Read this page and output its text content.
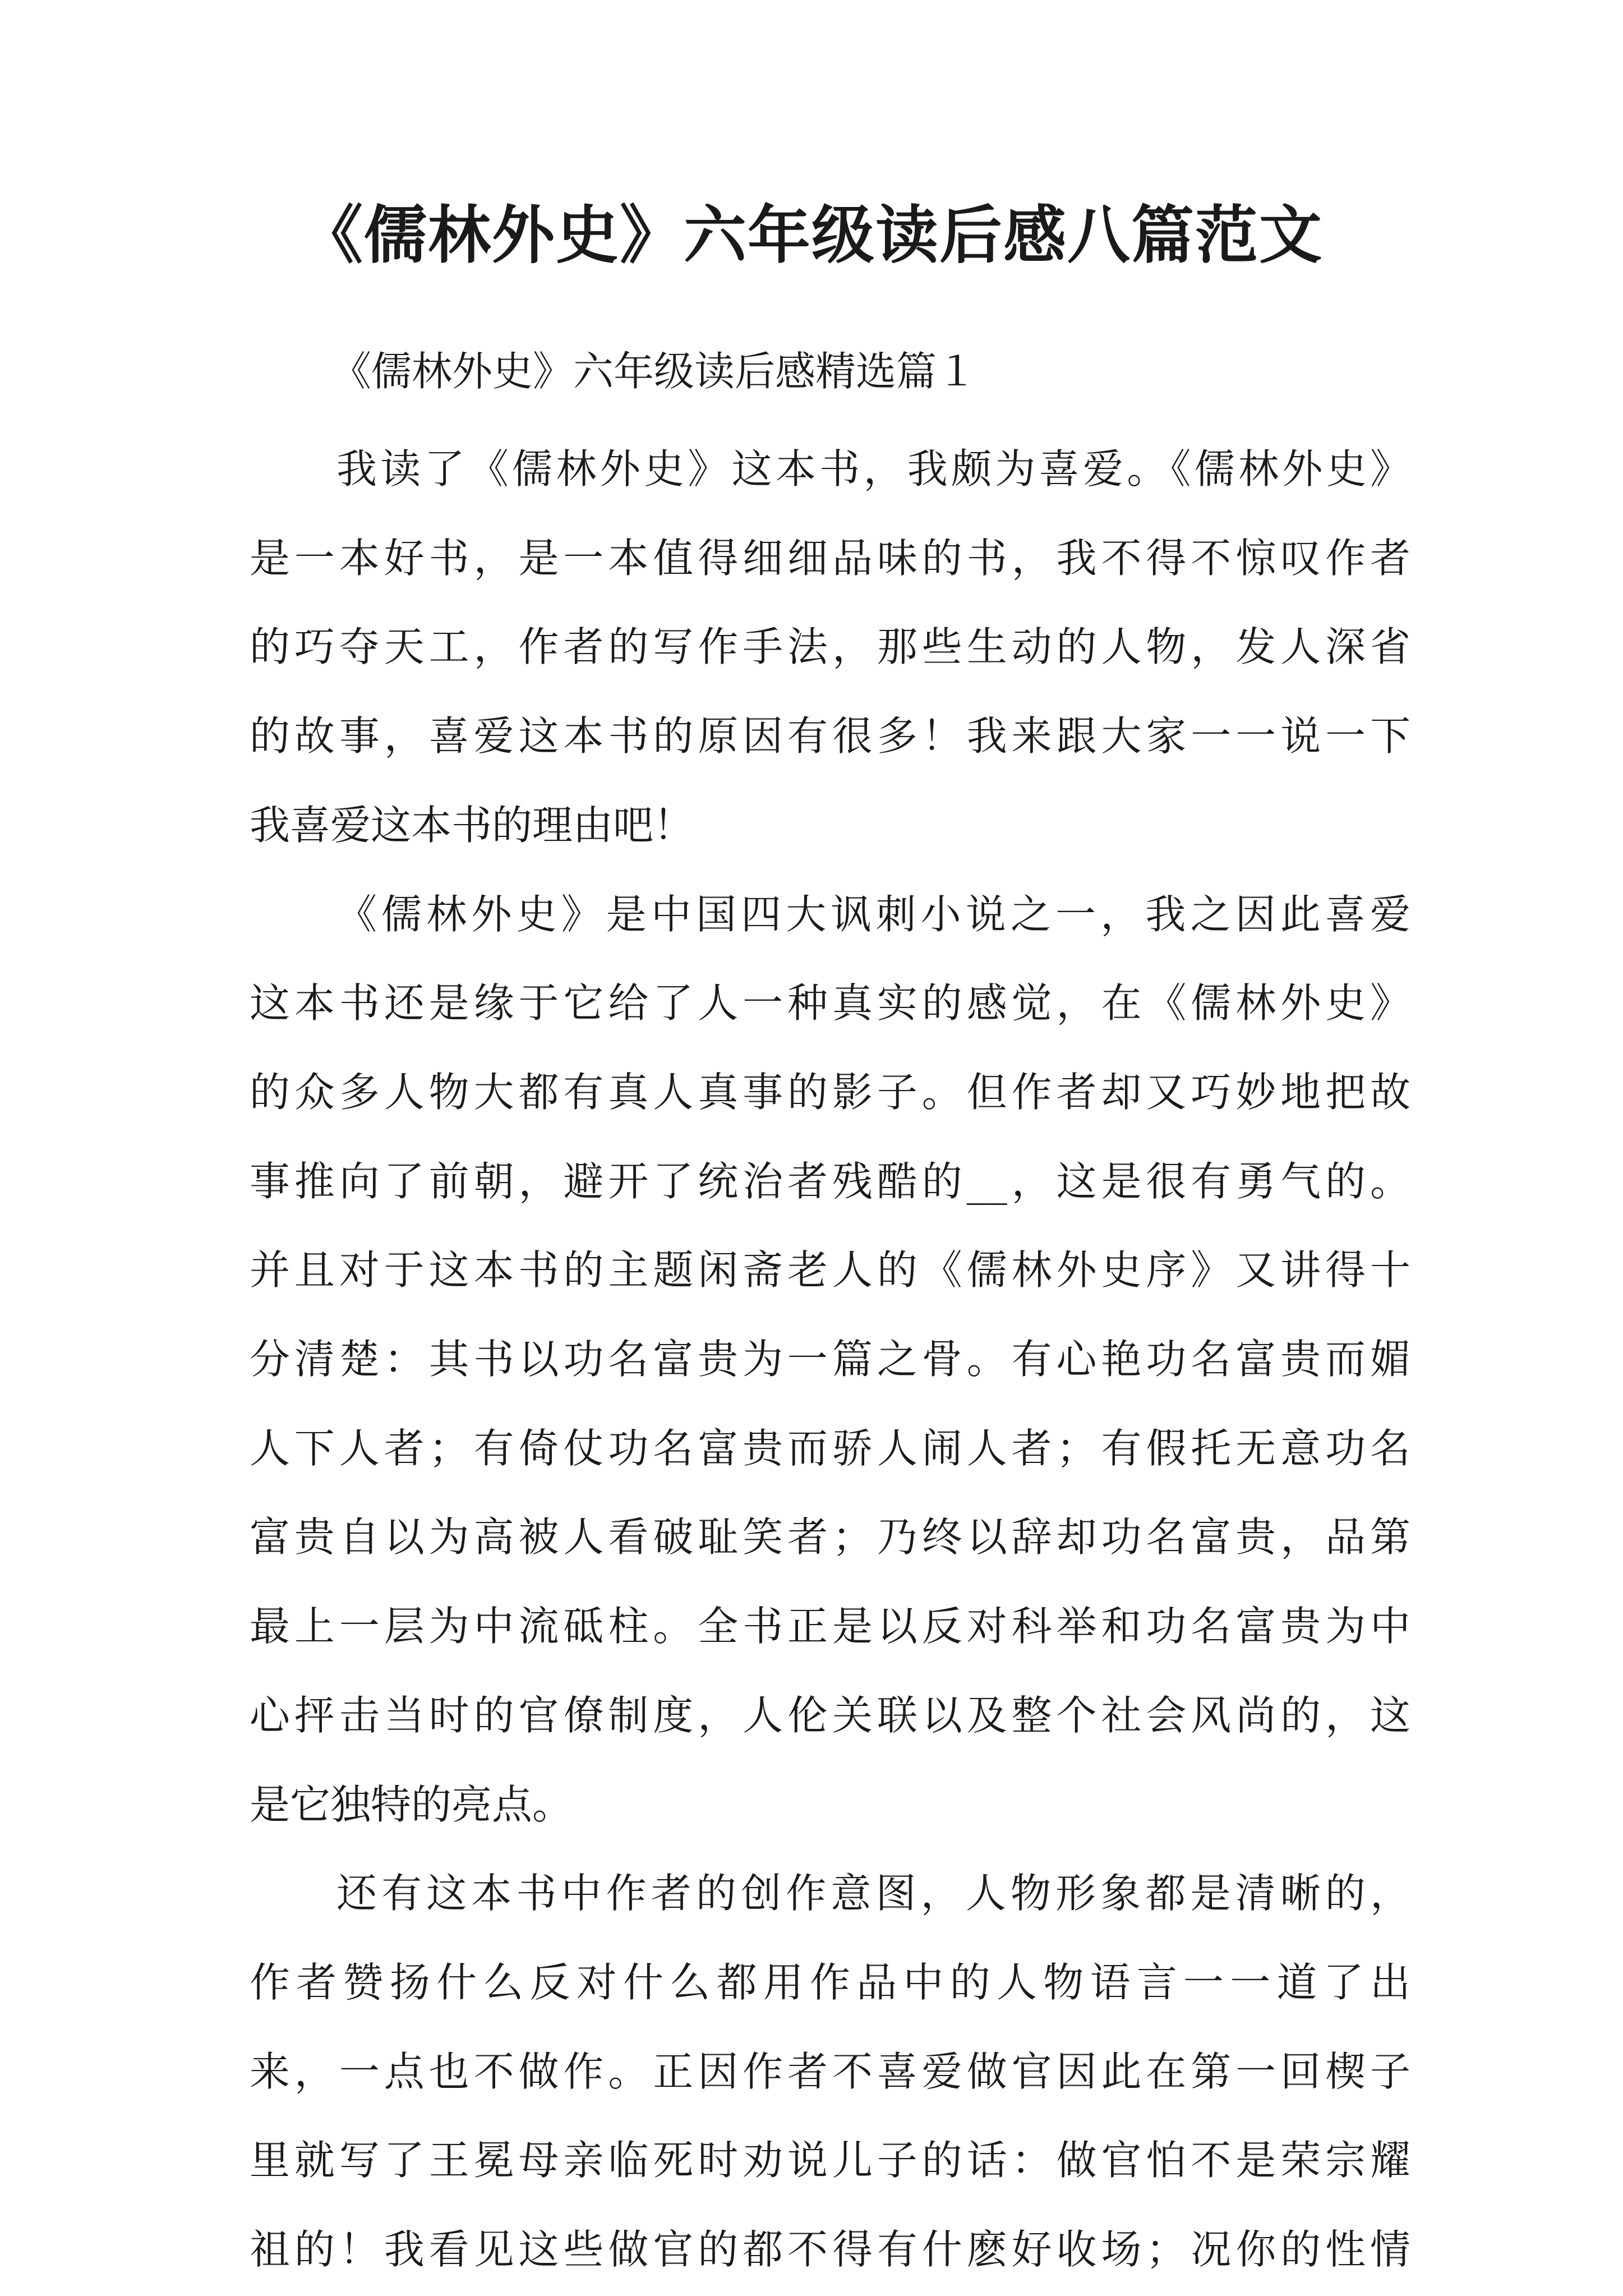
《儒林外史》六年级读后感八篇范文

《儒林外史》六年级读后感精选篇１

我读了《儒林外史》这本书，我颇为喜爱。《儒林外史》

是一本好书，是一本值得细细品味的书，我不得不惊叹作者

的巧夺天工，作者的写作手法，那些生动的人物，发人深省

的故事，喜爱这本书的原因有很多！我来跟大家一一说一下

我喜爱这本书的理由吧！

《儒林外史》是中国四大讽刺小说之一，我之因此喜爱

这本书还是缘于它给了人一种真实的感觉，在《儒林外史》

的众多人物大都有真人真事的影子。但作者却又巧妙地把故

事推向了前朝，避开了统治者残酷的__，这是很有勇气的。

并且对于这本书的主题闲斋老人的《儒林外史序》又讲得十

分清楚：其书以功名富贵为一篇之骨。有心艳功名富贵而媚

人下人者；有倚仗功名富贵而骄人闹人者；有假托无意功名

富贵自以为高被人看破耻笑者；乃终以辞却功名富贵，品第

最上一层为中流砥柱。全书正是以反对科举和功名富贵为中

心抨击当时的官僚制度，人伦关联以及整个社会风尚的，这

是它独特的亮点。

还有这本书中作者的创作意图，人物形象都是清晰的，

作者赞扬什么反对什么都用作品中的人物语言一一道了出

来，一点也不做作。正因作者不喜爱做官因此在第一回楔子

里就写了王冕母亲临死时劝说儿子的话：做官怕不是荣宗耀

祖的！我看见这些做官的都不得有什麽好收场；况你的性情
